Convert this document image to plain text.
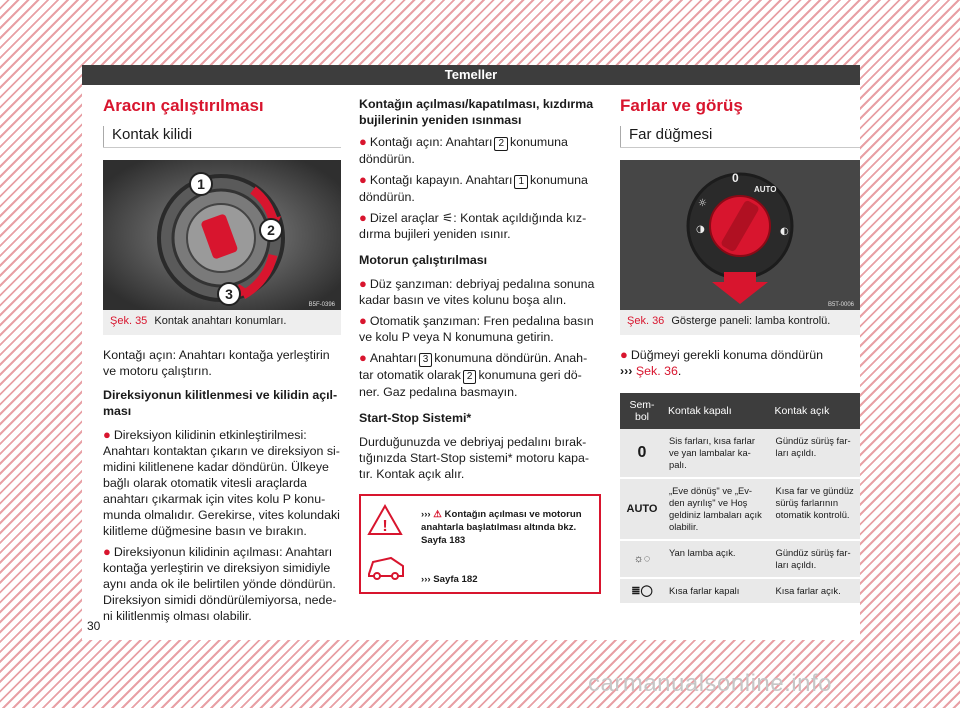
Temeller
Aracın çalıştırılması
Kontak kilidi
1
2
3
B5F-0396
Şek. 35 Kontak anahtarı konumları.

Kontağı açın: Anahtarı kontağa yerleştirin ve motoru çalıştırın.

Direksiyonun kilitlenmesi ve kilidin açıl-ması

● Direksiyon kilidinin etkinleştirilmesi: Anahtarı kontaktan çıkarın ve direksiyon si-midini kilitlenene kadar döndürün. Ülkeye bağlı olarak otomatik vitesli araçlarda anahtarı çıkarmak için vites kolu P konu-munda olmalıdır. Gerekirse, vites kolundaki kilitleme düğmesine basın ve bırakın.
● Direksiyonun kilidinin açılması: Anahtarı kontağa yerleştirin ve direksiyon simidiyle aynı anda ok ile belirtilen yönde döndürün. Direksiyon simidi döndürülemiyorsa, nede-ni kilitlenmiş olması olabilir.

Kontağın açılması/kapatılması, kızdırma bujilerinin yeniden ısınması

● Kontağı açın: Anahtarı 2 konumuna döndürün.
● Kontağı kapayın. Anahtarı 1 konumuna döndürün.
● Dizel araçlar ⚟: Kontak açıldığında kız-dırma bujileri yeniden ısınır.

Motorun çalıştırılması

● Düz şanzıman: debriyaj pedalına sonuna kadar basın ve vites kolunu boşa alın.
● Otomatik şanzıman: Fren pedalına basın ve kolu P veya N konumuna getirin.
● Anahtarı 3 konumuna döndürün. Anah-tar otomatik olarak 2 konumuna geri dö-ner. Gaz pedalına basmayın.

Start-Stop Sistemi*

Durduğunuzda ve debriyaj pedalını bırak-tığınızda Start-Stop sistemi* motoru kapa-tır. Kontak açık alır.

!
››› ⚠ Kontağın açılması ve motorun anahtarla başlatılması altında bkz. Sayfa 183
››› Sayfa 182
Farlar ve görüş
Far düğmesi
0
AUTO
☼
◐
◑
B5T-0006
Şek. 36 Gösterge paneli: lamba kontrolü.
● Düğmeyi gerekli konuma döndürün
››› Şek. 36.
Sem-bol	Kontak kapalı	Kontak açık
0	Sis farları, kısa farlar ve yan lambalar ka-palı.	Gündüz sürüş far-ları açıldı.
AUTO	„Eve dönüş" ve „Ev-den ayrılış" ve Hoş geldiniz lambaları açık olabilir.	Kısa far ve gündüz sürüş farlarının otomatik kontrolü.
☼◌	Yan lamba açık.	Gündüz sürüş far-ları açıldı.
≣◯	Kısa farlar kapalı	Kısa farlar açık.
30
carmanualsonline.info
